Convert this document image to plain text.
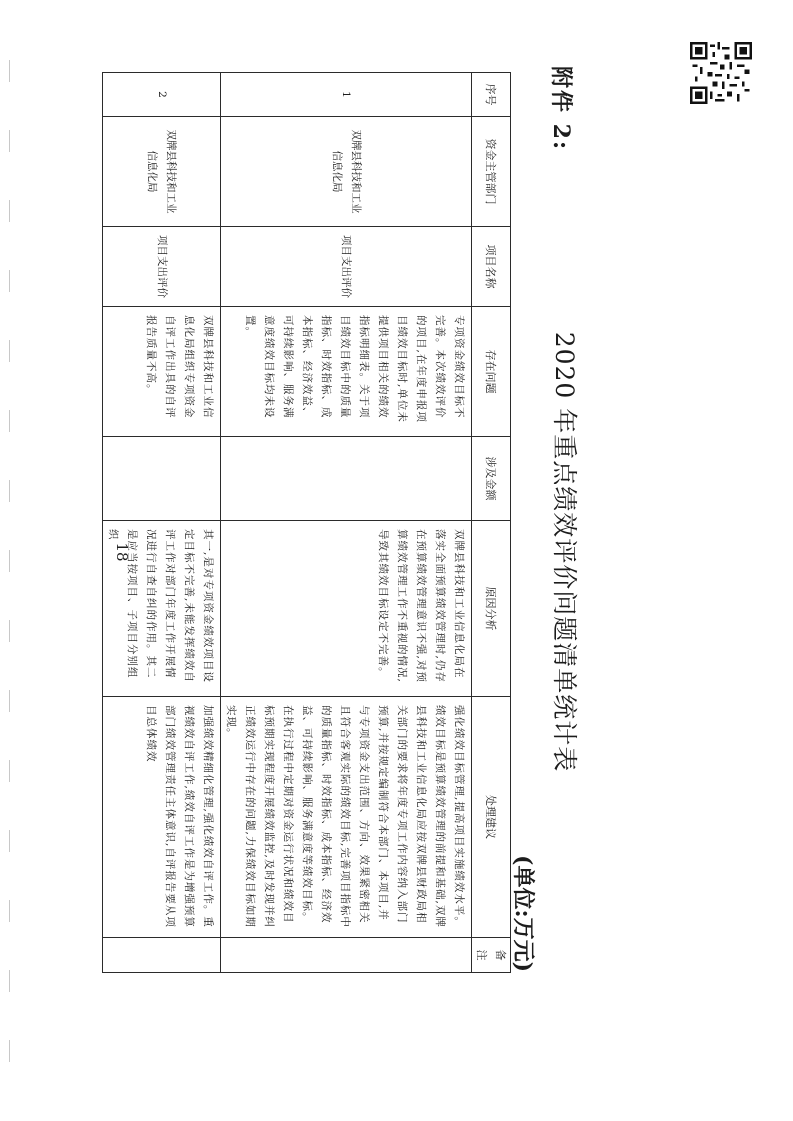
附件 2:
2020 年重点绩效评价问题清单统计表
(单位:万元)
序号	资金主管部门	项目名称	存在问题	涉及金额	原因分析	处理建议	备注
1	双牌县科技和工业信息化局	项目支出评价	专项资金绩效目标不完善。本次绩效评价的项目,在年度申报项目绩效目标时,单位未提供项目相关的绩效指标明细表。关于项目绩效目标中的质量指标、时效指标、成本指标、经济效益、可持续影响、服务满意度绩效目标均未设置。		双牌县科技和工业信息化局在落实全面预算绩效管理时,仍存在预算绩效管理意识不强,对预算绩效管理工作不重视的情况,导致其绩效目标设定不完善。	强化绩效目标管理,提高项目实施绩效水平。绩效目标是预算绩效管理的前提和基础,双牌县科技和工业信息化局应按双牌县财政局相关部门的要求将年度专项工作内容纳入部门预算,并按规定编制符合本部门、本项目,并与专项资金支出范围、方向、效果紧密相关且符合客观实际的绩效目标,完善项目指标中的质量指标、时效指标、成本指标、经济效益、可持续影响、服务满意度等绩效目标。在执行过程中定期对资金运行状况和绩效目标预期实现程度开展绩效监控,及时发现并纠正绩效运行中存在的问题,力保绩效目标如期实现。	
2	双牌县科技和工业信息化局	项目支出评价	双牌县科技和工业信息化局组织专项资金自评工作出具的自评报告质量不高。		其一,是对专项资金绩效项目设定目标不完善,未能发挥绩效自评工作对部门年度工作开展情况进行自查自纠的作用。其二是应当按项目、子项目分别组织	加强绩效精细化管理,强化绩效自评工作。重视绩效自评工作,绩效自评工作是为增强预算部门绩效管理责任主体意识,自评报告要从项目总体绩效	
18
